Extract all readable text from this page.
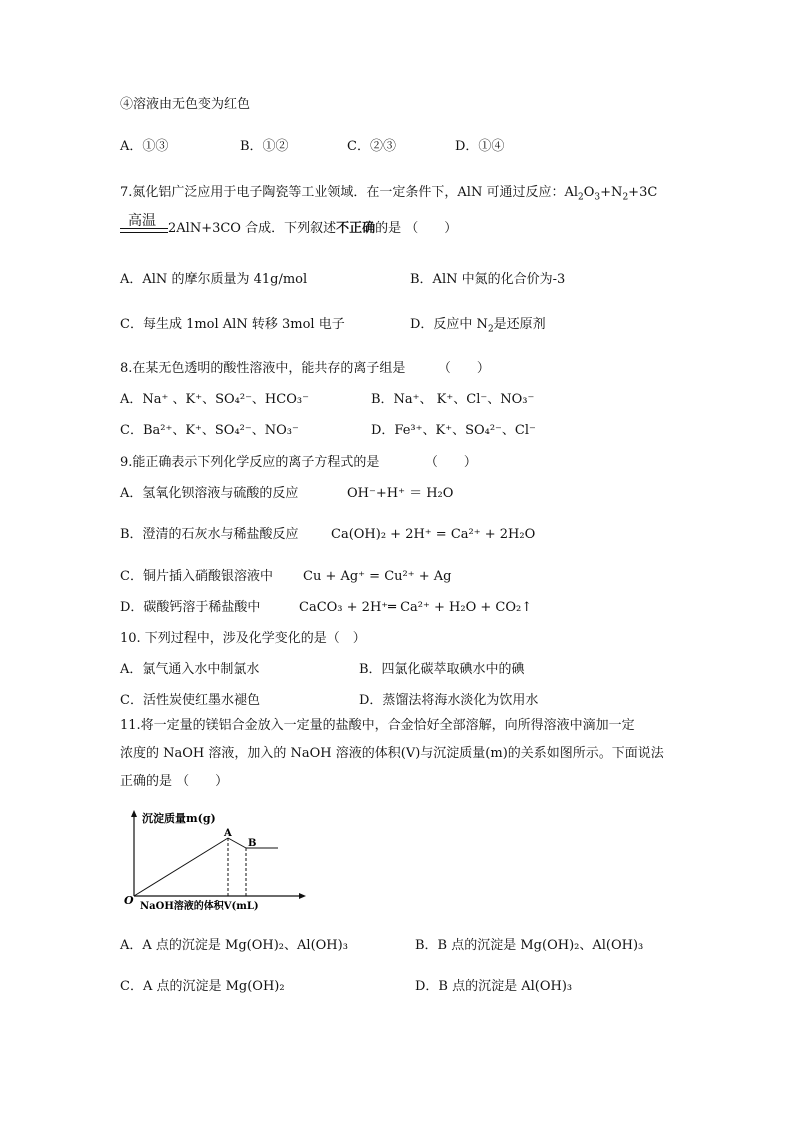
④溶液由无色变为红色
A．①③	B．①②	C．②③	D．①④
7.氮化铝广泛应用于电子陶瓷等工业领域．在一定条件下，AlN 可通过反应：$Al_2O_3+N_2+3C$
高温 2AlN+3CO 合成．下列叙述不正确的是 （　　）
A．AlN 的摩尔质量为 41g/mol	B．AlN 中氮的化合价为-3
C．每生成 1mol AlN 转移 3mol 电子	D．反应中 $N_2$是还原剂
8.在某无色透明的酸性溶液中，能共存的离子组是　　　（　　）
A．Na⁺ 、K⁺、SO₄²⁻、HCO₃⁻	B．Na⁺、 K⁺、Cl⁻、NO₃⁻
C．Ba²⁺、K⁺、SO₄²⁻、NO₃⁻	D．Fe³⁺、K⁺、SO₄²⁻、Cl⁻
9.能正确表示下列化学反应的离子方程式的是　　　　（　　）
A．氢氧化钡溶液与硫酸的反应	OH⁻+H⁺ ＝ H₂O
B．澄清的石灰水与稀盐酸反应 Ca(OH)₂ + 2H⁺ = Ca²⁺ + 2H₂O
C．铜片插入硝酸银溶液中 Cu + Ag⁺ = Cu²⁺ + Ag
D．碳酸钙溶于稀盐酸中	CaCO₃ + 2H⁺═ Ca²⁺ + H₂O + CO₂↑
10. 下列过程中，涉及化学变化的是（　）
A．氯气通入水中制氯水	B．四氯化碳萃取碘水中的碘
C．活性炭使红墨水褪色	D．蒸馏法将海水淡化为饮用水
11.将一定量的镁铝合金放入一定量的盐酸中，合金恰好全部溶解，向所得溶液中滴加一定
浓度的 NaOH 溶液，加入的 NaOH 溶液的体积(V)与沉淀质量(m)的关系如图所示。下面说法
正确的是 （　　）
沉淀质量m(g)
A
B
O NaOH溶液的体积V(mL)
A．A 点的沉淀是 Mg(OH)₂、Al(OH)₃	B．B 点的沉淀是 Mg(OH)₂、Al(OH)₃
C．A 点的沉淀是 Mg(OH)₂	D．B 点的沉淀是 Al(OH)₃
